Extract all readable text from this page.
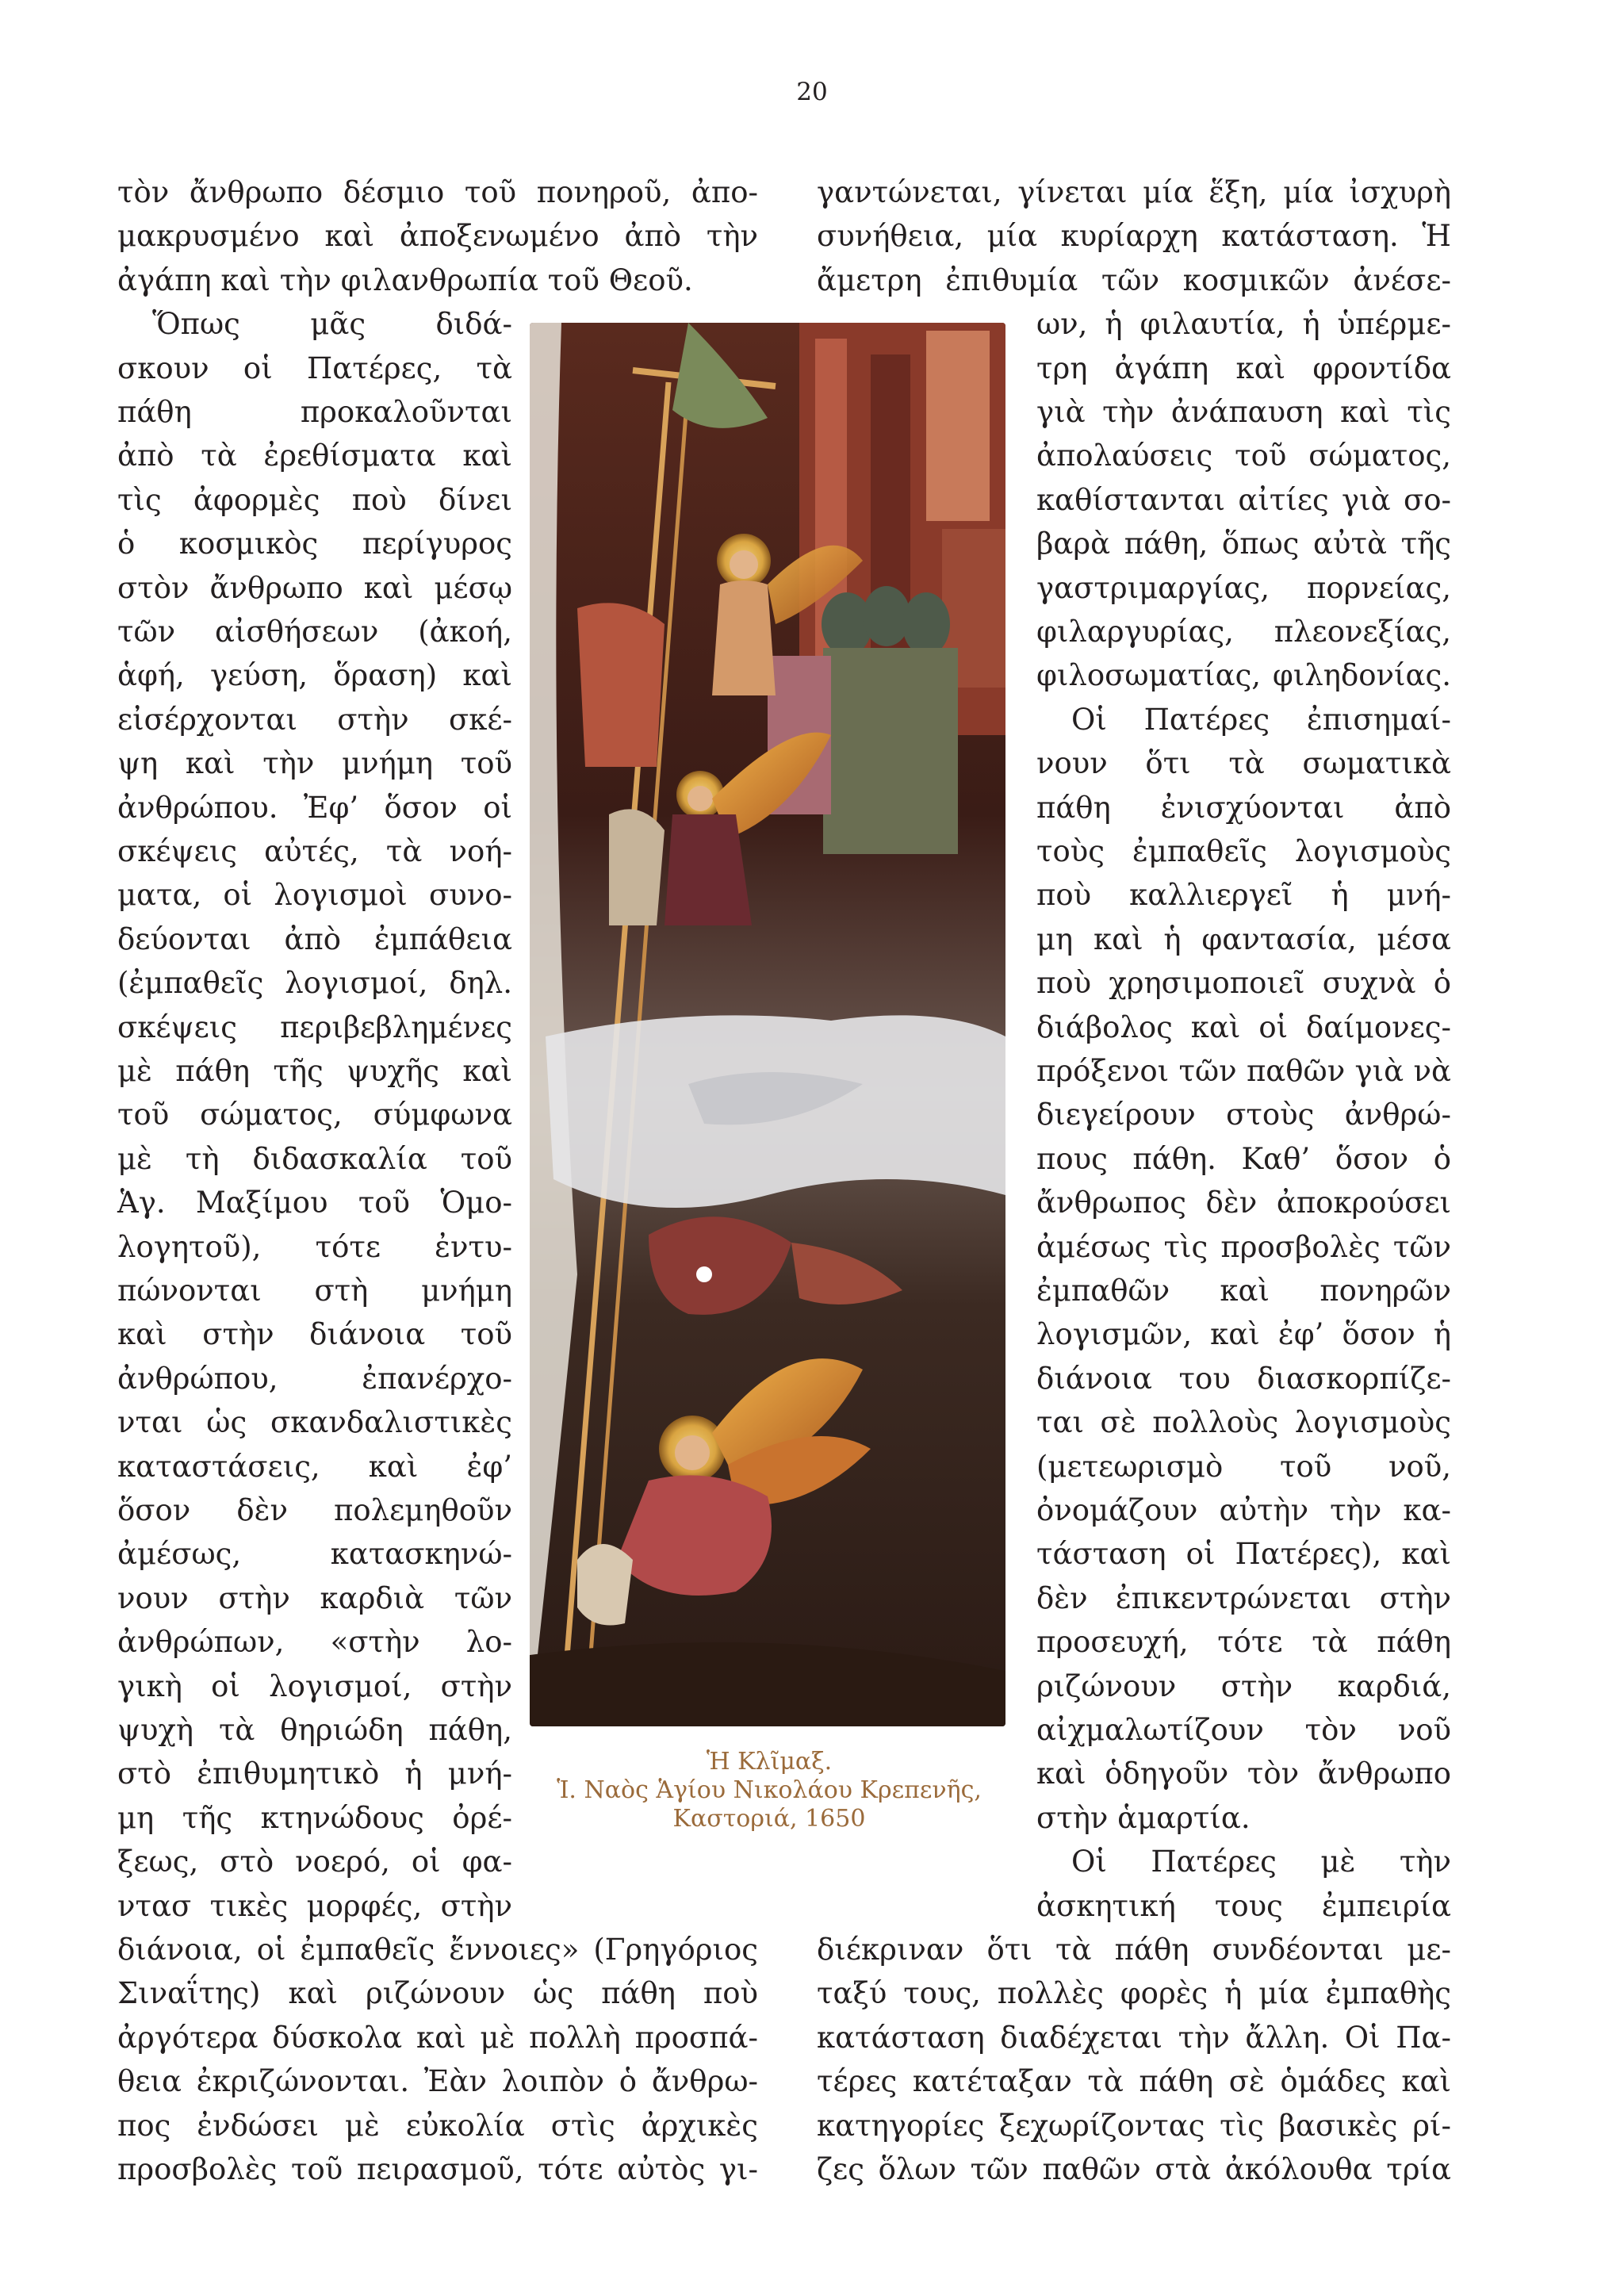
20
τὸν ἄνθρωπο δέσμιο τοῦ πονηροῦ, ἀπο-
μακρυσμένο καὶ ἀποξενωμένο ἀπὸ τὴν
ἀγάπη καὶ τὴν φιλανθρωπία τοῦ Θεοῦ.
Ὅπως μᾶς διδά-
σκουν οἱ Πατέρες, τὰ
πάθη προκαλοῦνται
ἀπὸ τὰ ἐρεθίσματα καὶ
τὶς ἀφορμὲς ποὺ δίνει
ὁ κοσμικὸς περίγυρος
στὸν ἄνθρωπο καὶ μέσῳ
τῶν αἰσθήσεων (ἀκοή,
ἁφή, γεύση, ὅραση) καὶ
εἰσέρχονται στὴν σκέ-
ψη καὶ τὴν μνήμη τοῦ
ἀνθρώπου. Ἐφ’ ὅσον οἱ
σκέψεις αὐτές, τὰ νοή-
ματα, οἱ λογισμοὶ συνο-
δεύονται ἀπὸ ἐμπάθεια
(ἐμπαθεῖς λογισμοί, δηλ.
σκέψεις περιβεβλημένες
μὲ πάθη τῆς ψυχῆς καὶ
τοῦ σώματος, σύμφωνα
μὲ τὴ διδασκαλία τοῦ
Ἁγ. Μαξίμου τοῦ Ὁμο-
λογητοῦ), τότε ἐντυ-
πώνονται στὴ μνήμη
καὶ στὴν διάνοια τοῦ
ἀνθρώπου, ἐπανέρχο-
νται ὡς σκανδαλιστικὲς
καταστάσεις, καὶ ἐφ’
ὅσον δὲν πολεμηθοῦν
ἀμέσως, κατασκηνώ-
νουν στὴν καρδιὰ τῶν
ἀνθρώπων, «στὴν λο-
γικὴ οἱ λογισμοί, στὴν
ψυχὴ τὰ θηριώδη πάθη,
στὸ ἐπιθυμητικὸ ἡ μνή-
μη τῆς κτηνώδους ὀρέ-
ξεως, στὸ νοερό, οἱ φα-
ντασ τικὲς μορφές, στὴν
διάνοια, οἱ ἐμπαθεῖς ἔννοιες» (Γρηγόριος
Σιναΐτης) καὶ ριζώνουν ὡς πάθη ποὺ
ἀργότερα δύσκολα καὶ μὲ πολλὴ προσπά-
θεια ἐκριζώνονται. Ἐὰν λοιπὸν ὁ ἄνθρω-
πος ἐνδώσει μὲ εὐκολία στὶς ἀρχικὲς
προσβολὲς τοῦ πειρασμοῦ, τότε αὐτὸς γι-
γαντώνεται, γίνεται μία ἕξη, μία ἰσχυρὴ
συνήθεια, μία κυρίαρχη κατάσταση. Ἡ
ἄμετρη ἐπιθυμία τῶν κοσμικῶν ἀνέσε-
ων, ἡ φιλαυτία, ἡ ὑπέρμε-
τρη ἀγάπη καὶ φροντίδα
γιὰ τὴν ἀνάπαυση καὶ τὶς
ἀπολαύσεις τοῦ σώματος,
καθίστανται αἰτίες γιὰ σο-
βαρὰ πάθη, ὅπως αὐτὰ τῆς
γαστριμαργίας, πορνείας,
φιλαργυρίας, πλεονεξίας,
φιλοσωματίας, φιληδονίας.
Οἱ Πατέρες ἐπισημαί-
νουν ὅτι τὰ σωματικὰ
πάθη ἐνισχύονται ἀπὸ
τοὺς ἐμπαθεῖς λογισμοὺς
ποὺ καλλιεργεῖ ἡ μνή-
μη καὶ ἡ φαντασία, μέσα
ποὺ χρησιμοποιεῖ συχνὰ ὁ
διάβολος καὶ οἱ δαίμονες-
πρόξενοι τῶν παθῶν γιὰ νὰ
διεγείρουν στοὺς ἀνθρώ-
πους πάθη. Καθ’ ὅσον ὁ
ἄνθρωπος δὲν ἀποκρούσει
ἀμέσως τὶς προσβολὲς τῶν
ἐμπαθῶν καὶ πονηρῶν
λογισμῶν, καὶ ἐφ’ ὅσον ἡ
διάνοια του διασκορπίζε-
ται σὲ πολλοὺς λογισμοὺς
(μετεωρισμὸ τοῦ νοῦ,
ὀνομάζουν αὐτὴν τὴν κα-
τάσταση οἱ Πατέρες), καὶ
δὲν ἐπικεντρώνεται στὴν
προσευχή, τότε τὰ πάθη
ριζώνουν στὴν καρδιά,
αἰχμαλωτίζουν τὸν νοῦ
καὶ ὁδηγοῦν τὸν ἄνθρωπο
στὴν ἁμαρτία.
Οἱ Πατέρες μὲ τὴν
ἀσκητική τους ἐμπειρία
διέκριναν ὅτι τὰ πάθη συνδέονται με-
ταξύ τους, πολλὲς φορὲς ἡ μία ἐμπαθὴς
κατάσταση διαδέχεται τὴν ἄλλη. Οἱ Πα-
τέρες κατέταξαν τὰ πάθη σὲ ὁμάδες καὶ
κατηγορίες ξεχωρίζοντας τὶς βασικὲς ρί-
ζες ὅλων τῶν παθῶν στὰ ἀκόλουθα τρία
Ἡ Κλῖμαξ.
Ἱ. Ναὸς Ἁγίου Νικολάου Κρεπενῆς,
Καστοριά, 1650
